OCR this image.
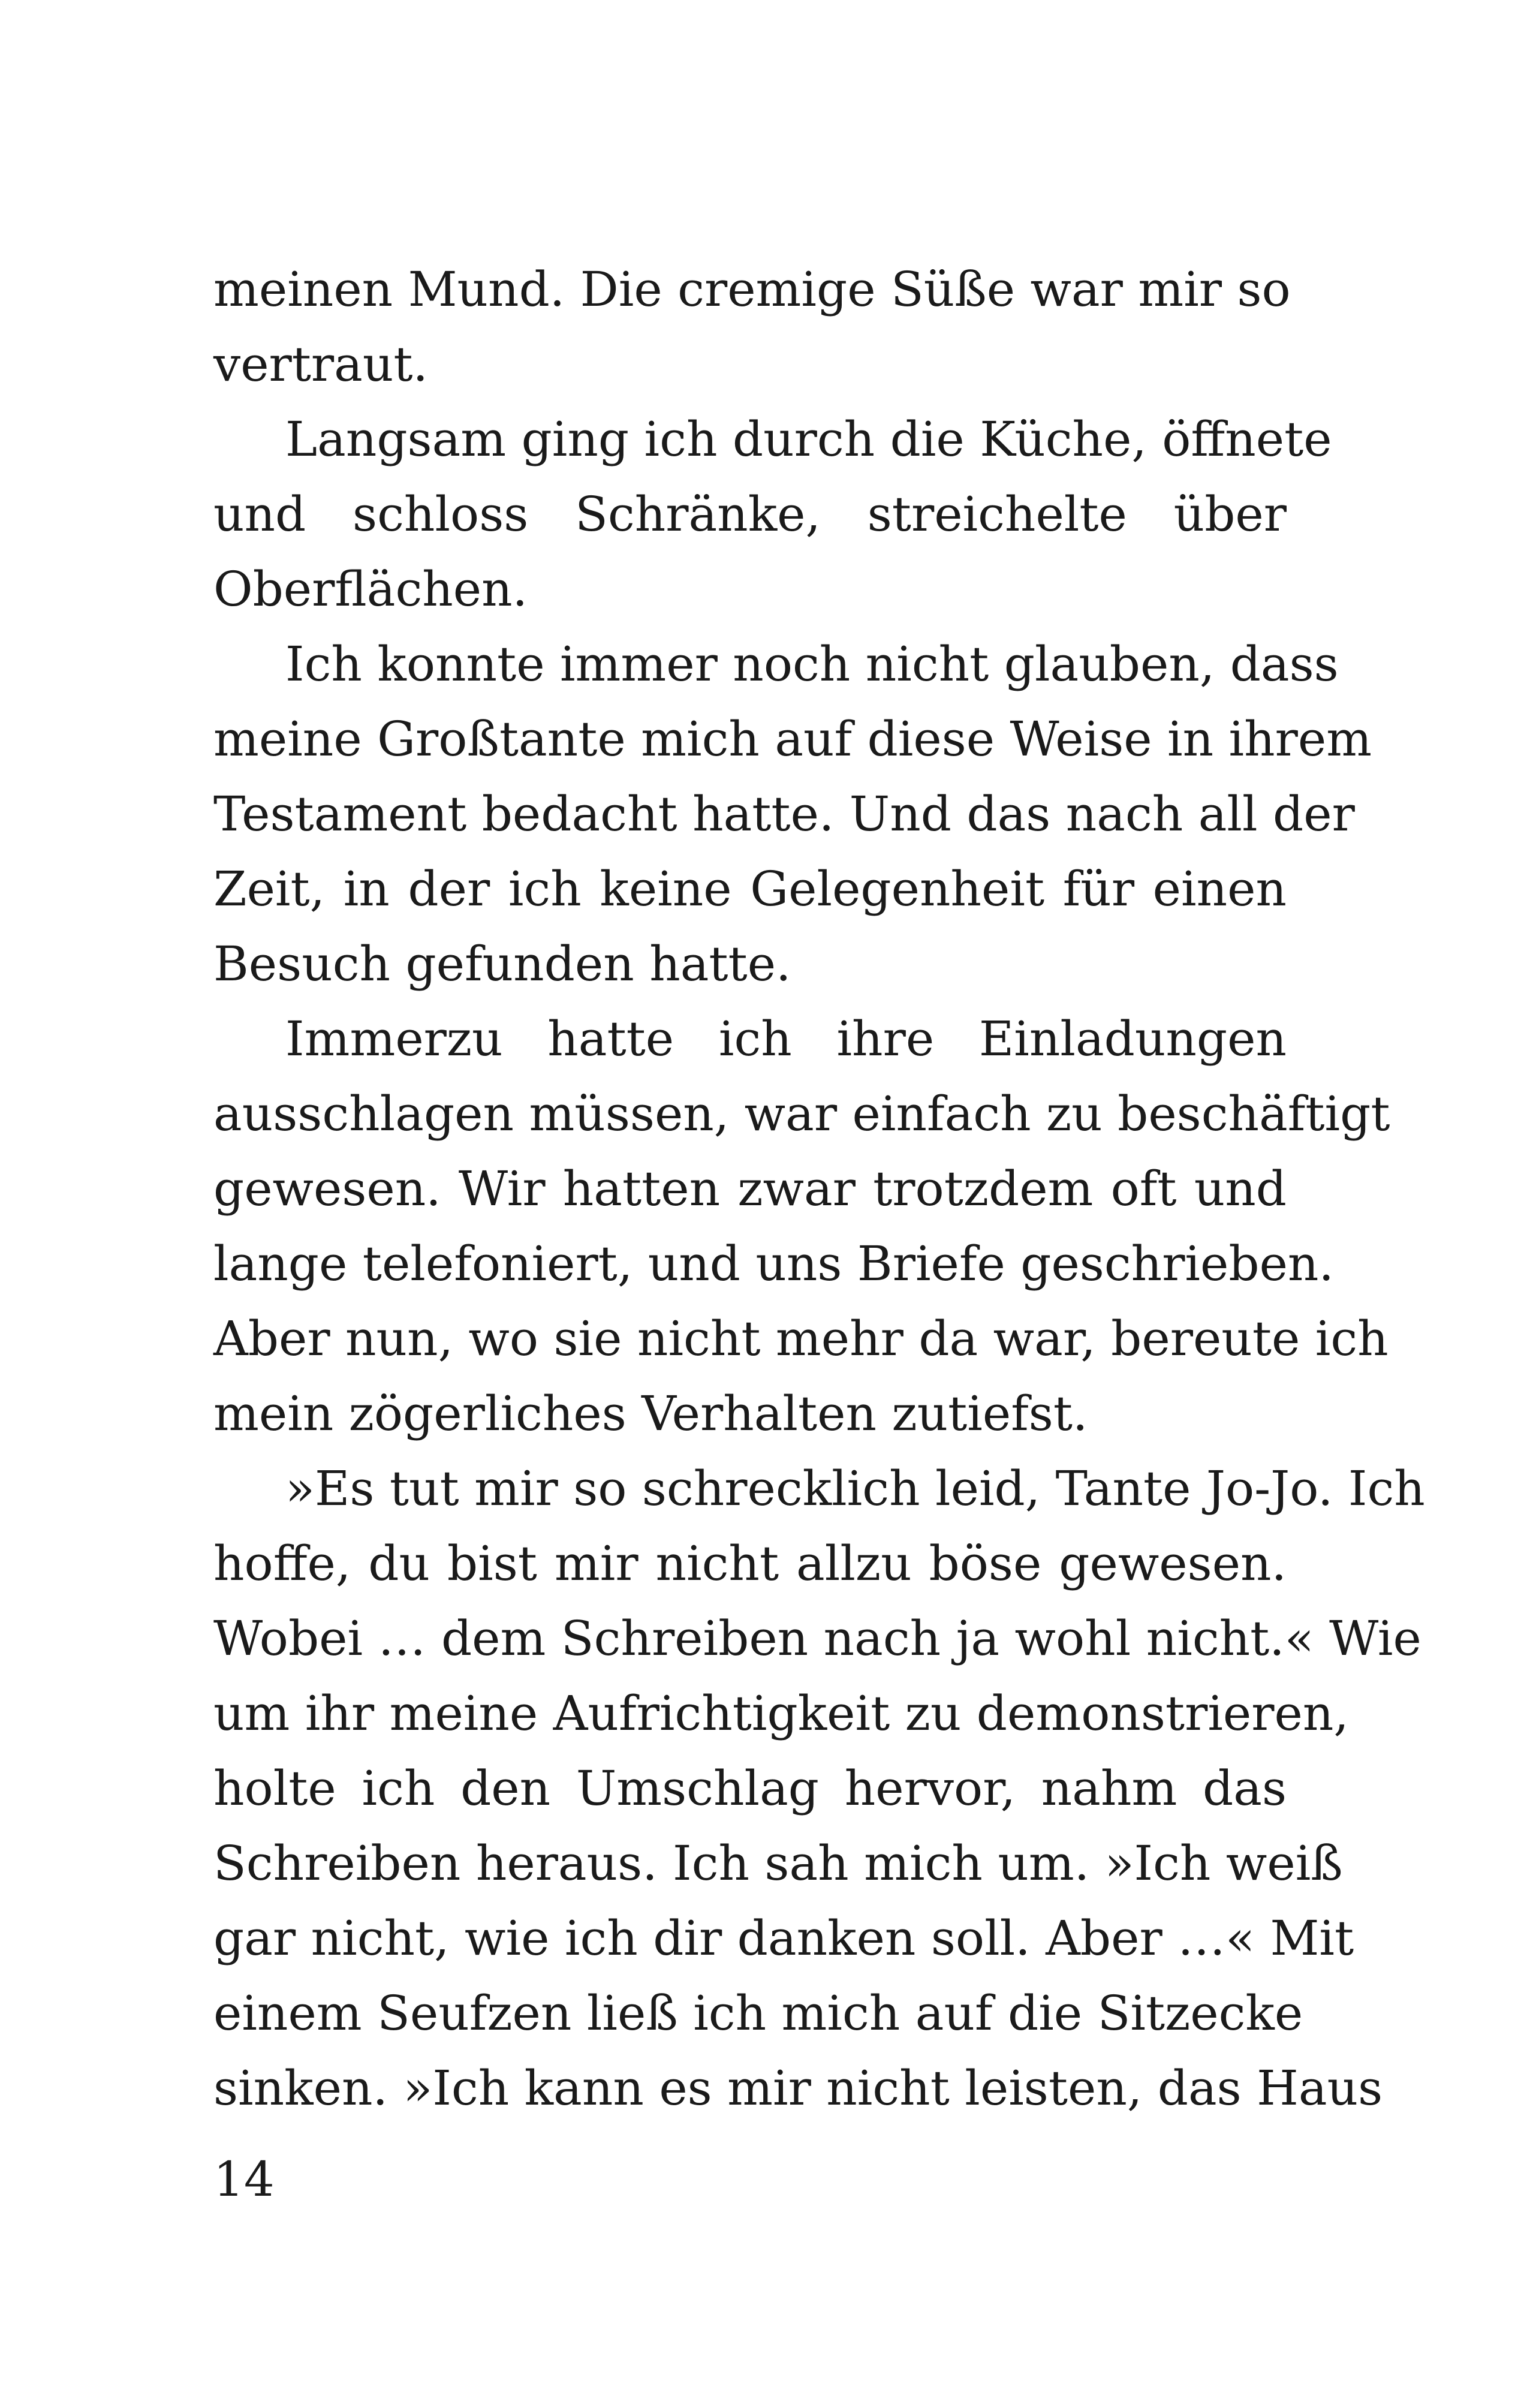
meinen Mund. Die cremige Süße war mir so
vertraut.
Langsam ging ich durch die Küche, öffnete
und schloss Schränke, streichelte über
Oberflächen.
Ich konnte immer noch nicht glauben, dass
meine Großtante mich auf diese Weise in ihrem
Testament bedacht hatte. Und das nach all der
Zeit, in der ich keine Gelegenheit für einen
Besuch gefunden hatte.
Immerzu hatte ich ihre Einladungen
ausschlagen müssen, war einfach zu beschäftigt
gewesen. Wir hatten zwar trotzdem oft und
lange telefoniert, und uns Briefe geschrieben.
Aber nun, wo sie nicht mehr da war, bereute ich
mein zögerliches Verhalten zutiefst.
»Es tut mir so schrecklich leid, Tante Jo-Jo. Ich
hoffe, du bist mir nicht allzu böse gewesen.
Wobei … dem Schreiben nach ja wohl nicht.« Wie
um ihr meine Aufrichtigkeit zu demonstrieren,
holte ich den Umschlag hervor, nahm das
Schreiben heraus. Ich sah mich um. »Ich weiß
gar nicht, wie ich dir danken soll. Aber …« Mit
einem Seufzen ließ ich mich auf die Sitzecke
sinken. »Ich kann es mir nicht leisten, das Haus
14
